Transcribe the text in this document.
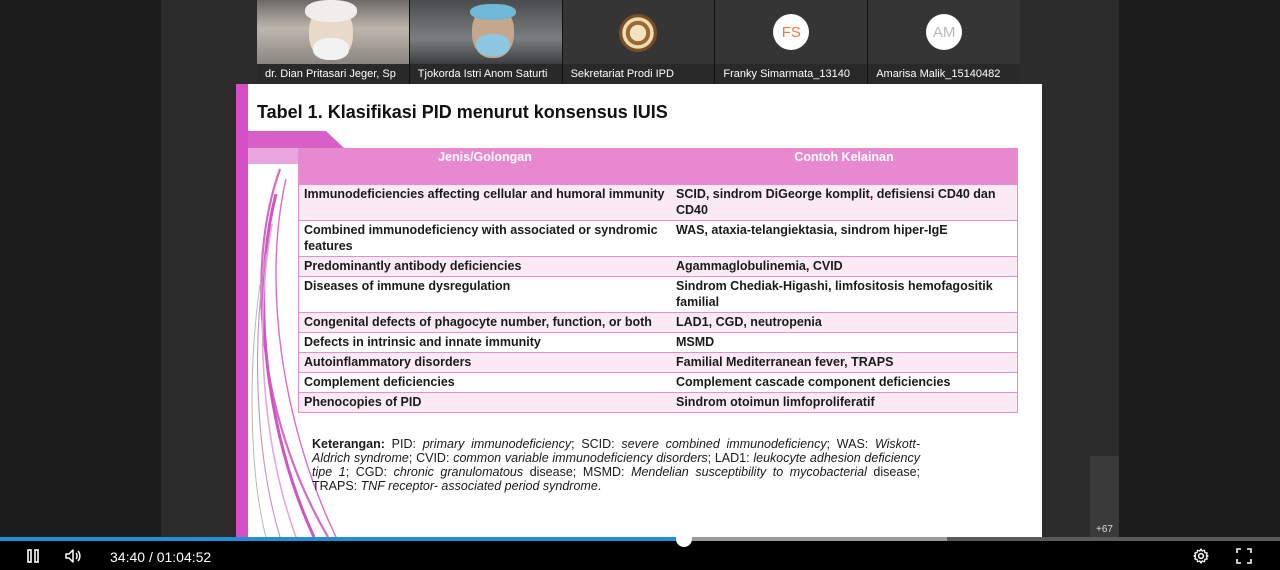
dr. Dian Pritasari Jeger, Sp	Tjokorda Istri Anom Saturti	Sekretariat Prodi IPD
FS
Franky Simarmata_13140
AM
Amarisa Malik_15140482
Tabel 1. Klasifikasi PID menurut konsensus IUIS
Jenis/Golongan	Contoh Kelainan
Immunodeficiencies affecting cellular and humoral immunity	SCID, sindrom DiGeorge komplit, defisiensi CD40 dan CD40
Combined immunodeficiency with associated or syndromic features	WAS, ataxia-telangiektasia, sindrom hiper-IgE
Predominantly antibody deficiencies	Agammaglobulinemia, CVID
Diseases of immune dysregulation	Sindrom Chediak-Higashi, limfositosis hemofagositik familial
Congenital defects of phagocyte number, function, or both	LAD1, CGD, neutropenia
Defects in intrinsic and innate immunity	MSMD
Autoinflammatory disorders	Familial Mediterranean fever, TRAPS
Complement deficiencies	Complement cascade component deficiencies
Phenocopies of PID	Sindrom otoimun limfoproliferatif
Keterangan: PID: primary immunodeficiency; SCID: severe combined immunodeficiency; WAS: Wiskott-Aldrich syndrome; CVID: common variable immunodeficiency disorders; LAD1: leukocyte adhesion deficiency tipe 1; CGD: chronic granulomatous disease; MSMD: Mendelian susceptibility to mycobacterial disease; TRAPS: TNF receptor- associated period syndrome.
+67
34:40 / 01:04:52
